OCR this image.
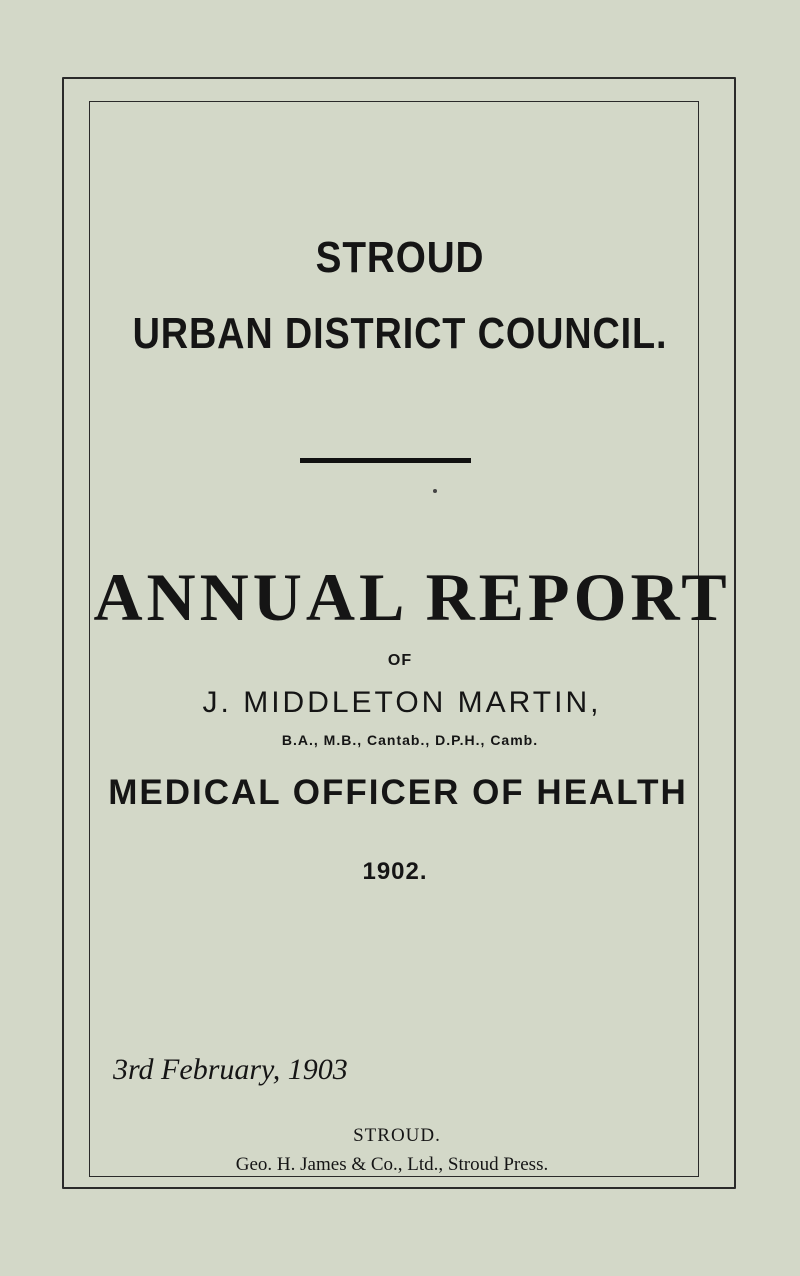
STROUD
URBAN DISTRICT COUNCIL.
ANNUAL REPORT
OF
J. MIDDLETON MARTIN,
B.A., M.B., Cantab., D.P.H., Camb.
MEDICAL OFFICER OF HEALTH
1902.
3rd February, 1903
STROUD.
Geo. H. James & Co., Ltd., Stroud Press.
